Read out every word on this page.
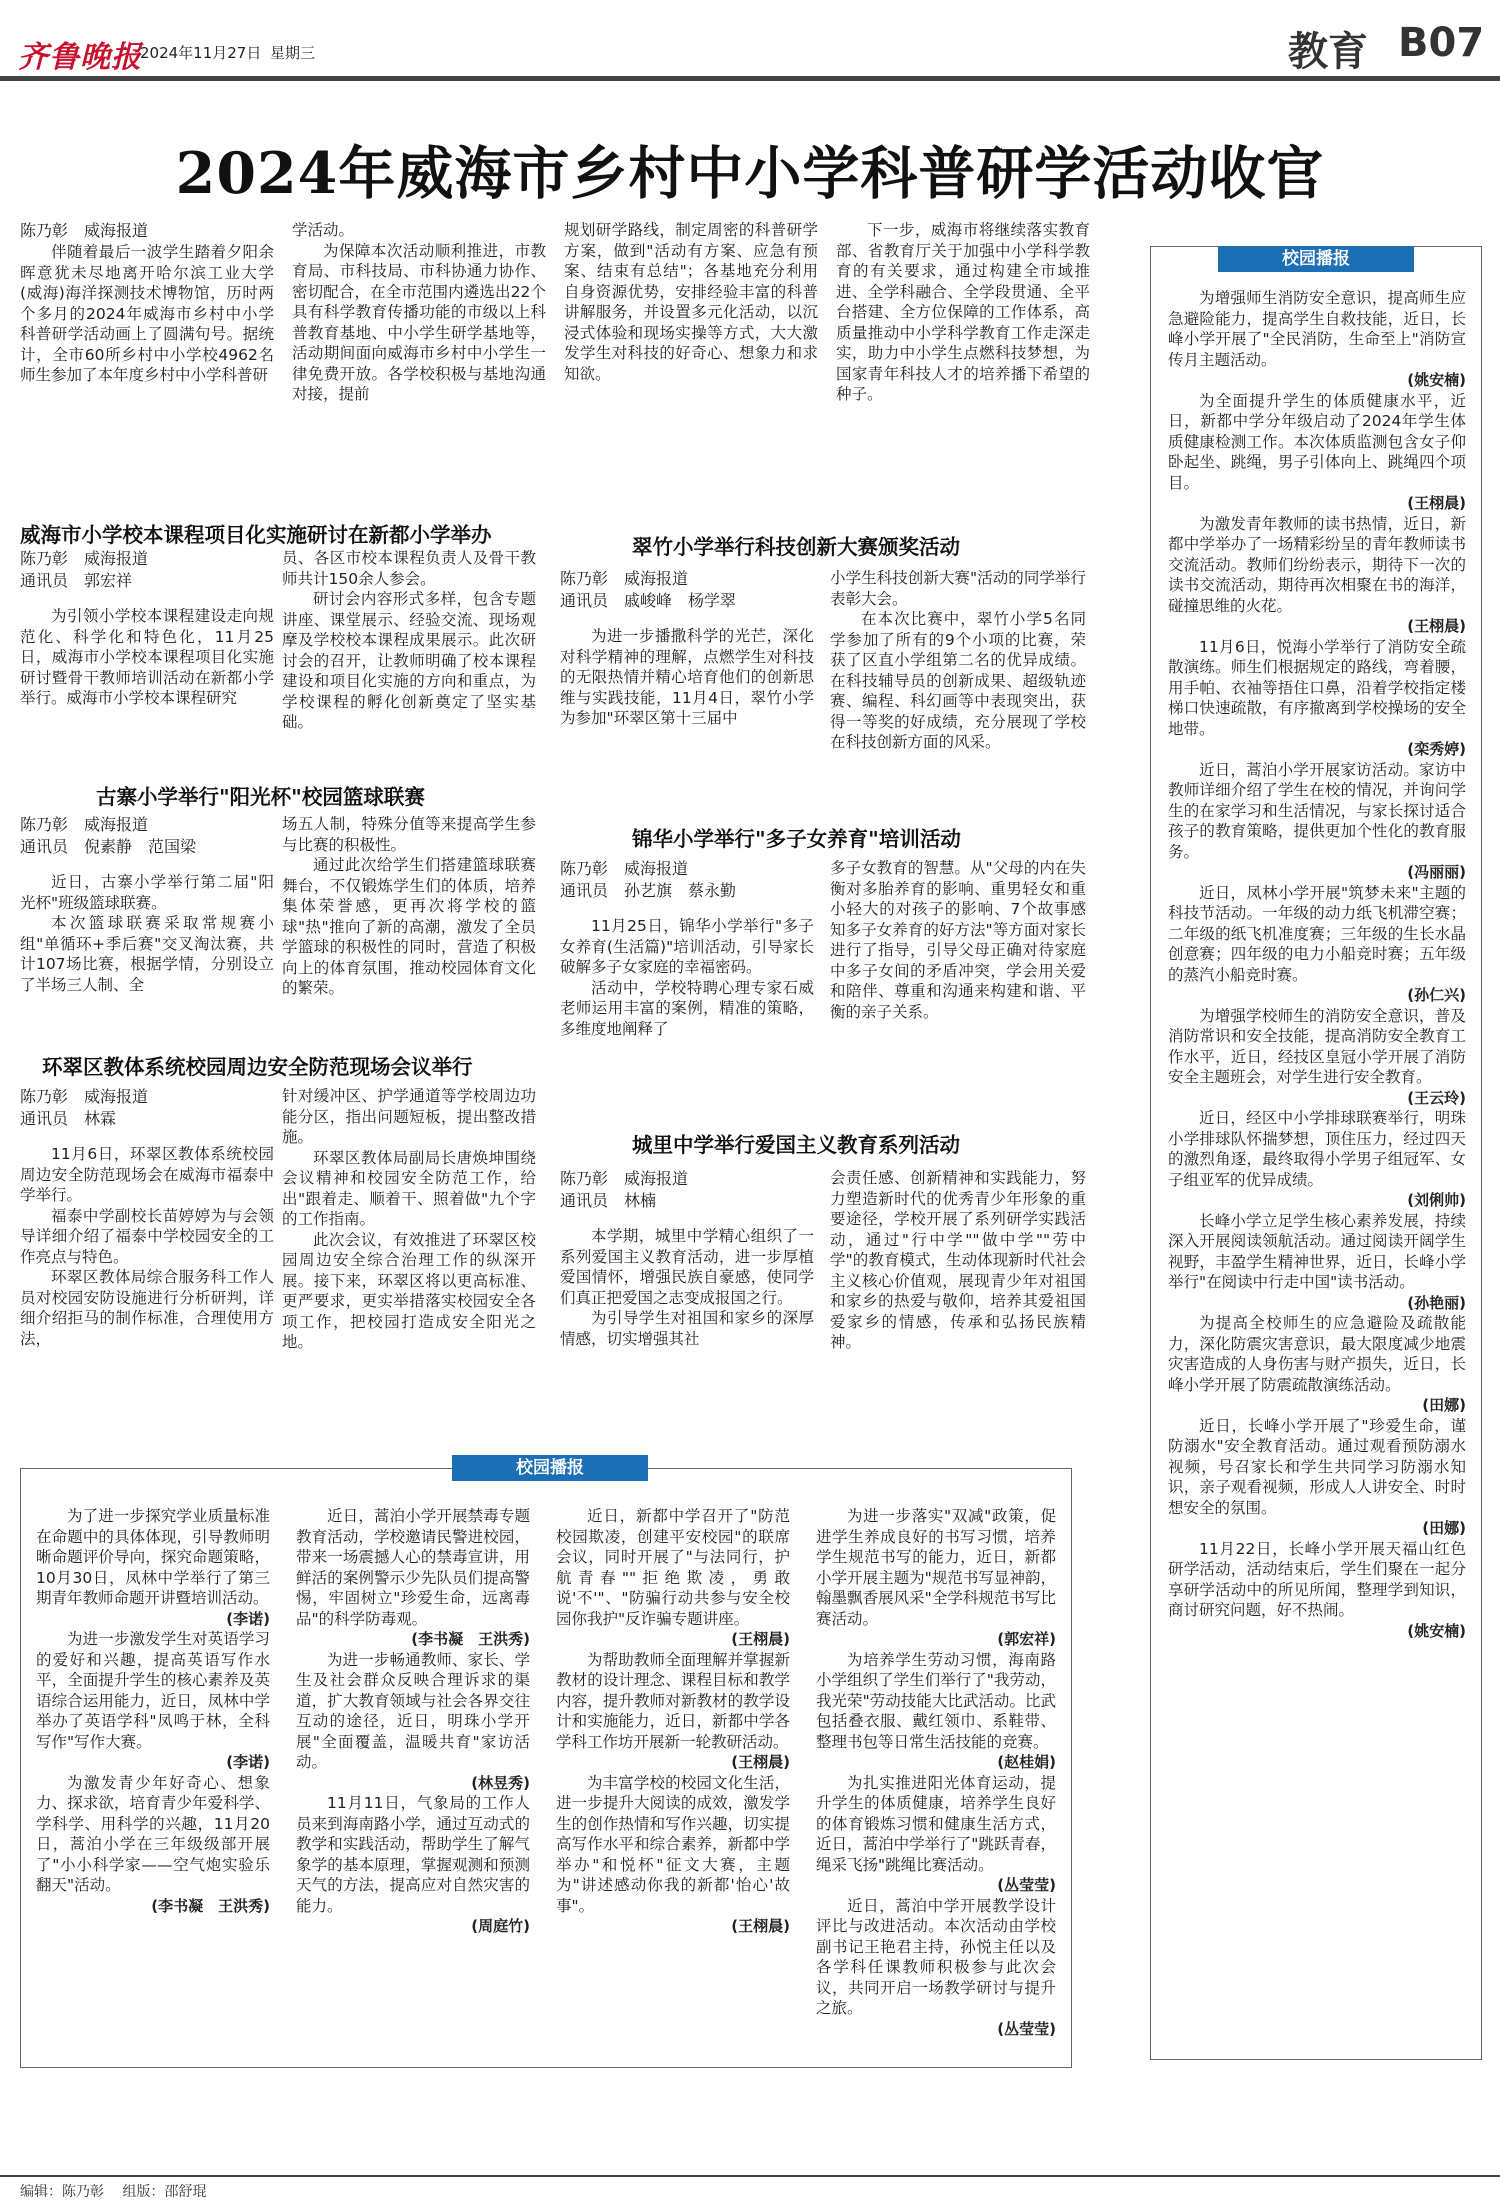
齐鲁晚报
2024年11月27日 星期三	教育 B07
2024年威海市乡村中小学科普研学活动收官
陈乃彰　威海报道

伴随着最后一波学生踏着夕阳余晖意犹未尽地离开哈尔滨工业大学(威海)海洋探测技术博物馆，历时两个多月的2024年威海市乡村中小学科普研学活动画上了圆满句号。据统计，全市60所乡村中小学校4962名师生参加了本年度乡村中小学科普研

学活动。

为保障本次活动顺利推进，市教育局、市科技局、市科协通力协作、密切配合，在全市范围内遴选出22个具有科学教育传播功能的市级以上科普教育基地、中小学生研学基地等，活动期间面向威海市乡村中小学生一律免费开放。各学校积极与基地沟通对接，提前

规划研学路线，制定周密的科普研学方案，做到"活动有方案、应急有预案、结束有总结"；各基地充分利用自身资源优势，安排经验丰富的科普讲解服务，并设置多元化活动，以沉浸式体验和现场实操等方式，大大激发学生对科技的好奇心、想象力和求知欲。

下一步，威海市将继续落实教育部、省教育厅关于加强中小学科学教育的有关要求，通过构建全市域推进、全学科融合、全学段贯通、全平台搭建、全方位保障的工作体系，高质量推动中小学科学教育工作走深走实，助力中小学生点燃科技梦想，为国家青年科技人才的培养播下希望的种子。

威海市小学校本课程项目化实施研讨在新都小学举办
陈乃彰　威海报道
通讯员　郭宏祥

为引领小学校本课程建设走向规范化、科学化和特色化，11月25日，威海市小学校本课程项目化实施研讨暨骨干教师培训活动在新都小学举行。威海市小学校本课程研究

员、各区市校本课程负责人及骨干教师共计150余人参会。

研讨会内容形式多样，包含专题讲座、课堂展示、经验交流、现场观摩及学校校本课程成果展示。此次研讨会的召开，让教师明确了校本课程建设和项目化实施的方向和重点，为学校课程的孵化创新奠定了坚实基础。

古寨小学举行"阳光杯"校园篮球联赛
陈乃彰　威海报道
通讯员　倪素静　范国梁

近日，古寨小学举行第二届"阳光杯"班级篮球联赛。

本次篮球联赛采取常规赛小组"单循环+季后赛"交叉淘汰赛，共计107场比赛，根据学情，分别设立了半场三人制、全

场五人制，特殊分值等来提高学生参与比赛的积极性。

通过此次给学生们搭建篮球联赛舞台，不仅锻炼学生们的体质，培养集体荣誉感，更再次将学校的篮球"热"推向了新的高潮，激发了全员学篮球的积极性的同时，营造了积极向上的体育氛围，推动校园体育文化的繁荣。

环翠区教体系统校园周边安全防范现场会议举行
陈乃彰　威海报道
通讯员　林霖

11月6日，环翠区教体系统校园周边安全防范现场会在威海市福泰中学举行。

福泰中学副校长苗婷婷为与会领导详细介绍了福泰中学校园安全的工作亮点与特色。

环翠区教体局综合服务科工作人员对校园安防设施进行分析研判，详细介绍拒马的制作标准，合理使用方法，

针对缓冲区、护学通道等学校周边功能分区，指出问题短板，提出整改措施。

环翠区教体局副局长唐焕坤围绕会议精神和校园安全防范工作，给出"跟着走、顺着干、照着做"九个字的工作指南。

此次会议，有效推进了环翠区校园周边安全综合治理工作的纵深开展。接下来，环翠区将以更高标准、更严要求，更实举措落实校园安全各项工作，把校园打造成安全阳光之地。

翠竹小学举行科技创新大赛颁奖活动
陈乃彰　威海报道
通讯员　戚峻峰　杨学翠

为进一步播撒科学的光芒，深化对科学精神的理解，点燃学生对科技的无限热情并精心培育他们的创新思维与实践技能，11月4日，翠竹小学为参加"环翠区第十三届中

小学生科技创新大赛"活动的同学举行表彰大会。

在本次比赛中，翠竹小学5名同学参加了所有的9个小项的比赛，荣获了区直小学组第二名的优异成绩。在科技辅导员的创新成果、超级轨迹赛、编程、科幻画等中表现突出，获得一等奖的好成绩，充分展现了学校在科技创新方面的风采。

锦华小学举行"多子女养育"培训活动
陈乃彰　威海报道
通讯员　孙艺旗　蔡永勤

11月25日，锦华小学举行"多子女养育(生活篇)"培训活动，引导家长破解多子女家庭的幸福密码。

活动中，学校特聘心理专家石威老师运用丰富的案例，精准的策略，多维度地阐释了

多子女教育的智慧。从"父母的内在失衡对多胎养育的影响、重男轻女和重小轻大的对孩子的影响、7个故事感知多子女养育的好方法"等方面对家长进行了指导，引导父母正确对待家庭中多子女间的矛盾冲突，学会用关爱和陪伴、尊重和沟通来构建和谐、平衡的亲子关系。

城里中学举行爱国主义教育系列活动
陈乃彰　威海报道
通讯员　林楠

本学期，城里中学精心组织了一系列爱国主义教育活动，进一步厚植爱国情怀，增强民族自豪感，使同学们真正把爱国之志变成报国之行。

为引导学生对祖国和家乡的深厚情感，切实增强其社

会责任感、创新精神和实践能力，努力塑造新时代的优秀青少年形象的重要途径，学校开展了系列研学实践活动，通过"行中学""做中学""劳中学"的教育模式，生动体现新时代社会主义核心价值观，展现青少年对祖国和家乡的热爱与敬仰，培养其爱祖国爱家乡的情感，传承和弘扬民族精神。

校园播报

为增强师生消防安全意识，提高师生应急避险能力，提高学生自救技能，近日，长峰小学开展了"全民消防，生命至上"消防宣传月主题活动。

(姚安楠)

为全面提升学生的体质健康水平，近日，新都中学分年级启动了2024年学生体质健康检测工作。本次体质监测包含女子仰卧起坐、跳绳，男子引体向上、跳绳四个项目。

(王栩晨)

为激发青年教师的读书热情，近日，新都中学举办了一场精彩纷呈的青年教师读书交流活动。教师们纷纷表示，期待下一次的读书交流活动，期待再次相聚在书的海洋，碰撞思维的火花。

(王栩晨)

11月6日，悦海小学举行了消防安全疏散演练。师生们根据规定的路线，弯着腰，用手帕、衣袖等捂住口鼻，沿着学校指定楼梯口快速疏散，有序撤离到学校操场的安全地带。

(栾秀婷)

近日，蒿泊小学开展家访活动。家访中教师详细介绍了学生在校的情况，并询问学生的在家学习和生活情况，与家长探讨适合孩子的教育策略，提供更加个性化的教育服务。

(冯丽丽)

近日，凤林小学开展"筑梦未来"主题的科技节活动。一年级的动力纸飞机滞空赛；二年级的纸飞机准度赛；三年级的生长水晶创意赛；四年级的电力小船竞时赛；五年级的蒸汽小船竞时赛。

(孙仁兴)

为增强学校师生的消防安全意识，普及消防常识和安全技能，提高消防安全教育工作水平，近日，经技区皇冠小学开展了消防安全主题班会，对学生进行安全教育。

(王云玲)

近日，经区中小学排球联赛举行，明珠小学排球队怀揣梦想，顶住压力，经过四天的激烈角逐，最终取得小学男子组冠军、女子组亚军的优异成绩。

(刘俐帅)

长峰小学立足学生核心素养发展，持续深入开展阅读领航活动。通过阅读开阔学生视野，丰盈学生精神世界，近日，长峰小学举行"在阅读中行走中国"读书活动。

(孙艳丽)

为提高全校师生的应急避险及疏散能力，深化防震灾害意识，最大限度减少地震灾害造成的人身伤害与财产损失，近日，长峰小学开展了防震疏散演练活动。

(田娜)

近日，长峰小学开展了"珍爱生命，谨防溺水"安全教育活动。通过观看预防溺水视频，号召家长和学生共同学习防溺水知识，亲子观看视频，形成人人讲安全、时时想安全的氛围。

(田娜)

11月22日，长峰小学开展天福山红色研学活动，活动结束后，学生们聚在一起分享研学活动中的所见所闻，整理学到知识，商讨研究问题，好不热闹。

(姚安楠)
校园播报

为了进一步探究学业质量标准在命题中的具体体现，引导教师明晰命题评价导向，探究命题策略，10月30日，凤林中学举行了第三期青年教师命题开讲暨培训活动。

(李诺)

为进一步激发学生对英语学习的爱好和兴趣，提高英语写作水平，全面提升学生的核心素养及英语综合运用能力，近日，凤林中学举办了英语学科"凤鸣于林，全科写作"写作大赛。

(李诺)

为激发青少年好奇心、想象力、探求欲，培育青少年爱科学、学科学、用科学的兴趣，11月20日，蒿泊小学在三年级级部开展了"小小科学家——空气炮实验乐翻天"活动。

(李书凝　王洪秀)

近日，蒿泊小学开展禁毒专题教育活动，学校邀请民警进校园，带来一场震撼人心的禁毒宣讲，用鲜活的案例警示少先队员们提高警惕，牢固树立"珍爱生命，远离毒品"的科学防毒观。

(李书凝　王洪秀)

为进一步畅通教师、家长、学生及社会群众反映合理诉求的渠道，扩大教育领域与社会各界交往互动的途径，近日，明珠小学开展"全面覆盖，温暖共育"家访活动。

(林昱秀)

11月11日，气象局的工作人员来到海南路小学，通过互动式的教学和实践活动，帮助学生了解气象学的基本原理，掌握观测和预测天气的方法，提高应对自然灾害的能力。

(周庭竹)

近日，新都中学召开了"防范校园欺凌，创建平安校园"的联席会议，同时开展了"与法同行，护航青春""拒绝欺凌，勇敢说'不'"、"防骗行动共参与安全校园你我护"反诈骗专题讲座。

(王栩晨)

为帮助教师全面理解并掌握新教材的设计理念、课程目标和教学内容，提升教师对新教材的教学设计和实施能力，近日，新都中学各学科工作坊开展新一轮教研活动。

(王栩晨)

为丰富学校的校园文化生活，进一步提升大阅读的成效，激发学生的创作热情和写作兴趣，切实提高写作水平和综合素养，新都中学举办"和悦杯"征文大赛，主题为"讲述感动你我的新都'怡心'故事"。

(王栩晨)

为进一步落实"双减"政策，促进学生养成良好的书写习惯，培养学生规范书写的能力，近日，新都小学开展主题为"规范书写显神韵，翰墨飘香展风采"全学科规范书写比赛活动。

(郭宏祥)

为培养学生劳动习惯，海南路小学组织了学生们举行了"我劳动，我光荣"劳动技能大比武活动。比武包括叠衣服、戴红领巾、系鞋带、整理书包等日常生活技能的竞赛。

(赵桂娟)

为扎实推进阳光体育运动，提升学生的体质健康，培养学生良好的体育锻炼习惯和健康生活方式，近日，蒿泊中学举行了"跳跃青春，绳采飞扬"跳绳比赛活动。

(丛莹莹)

近日，蒿泊中学开展教学设计评比与改进活动。本次活动由学校副书记王艳君主持，孙悦主任以及各学科任课教师积极参与此次会议，共同开启一场教学研讨与提升之旅。

(丛莹莹)
编辑：陈乃彰　 组版：邵舒琨
